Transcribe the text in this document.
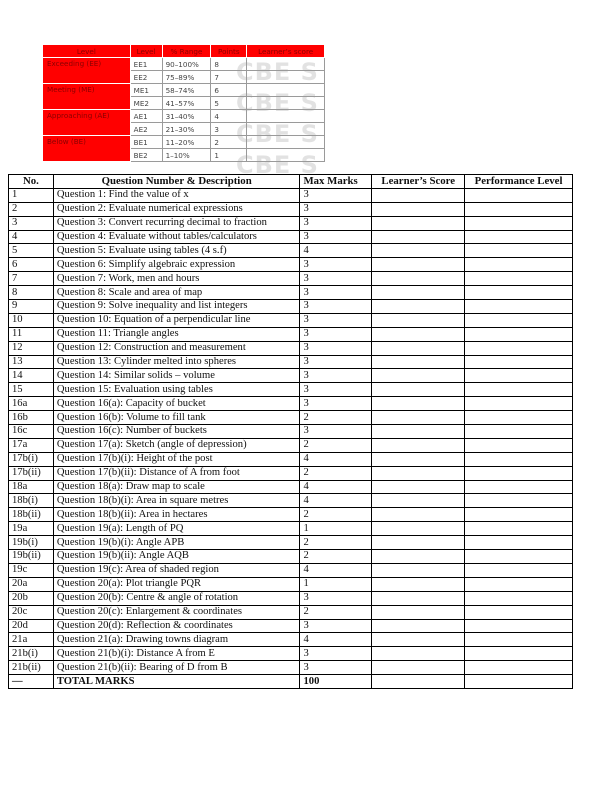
CBE S
CBE S
CBE S
CBE S
Level	Level	% Range	Points	Learner’s score
Exceeding (EE)	EE1	90–100%	8	
	EE2	75–89%	7	
Meeting (ME)	ME1	58–74%	6	
	ME2	41–57%	5	
Approaching (AE)	AE1	31–40%	4	
	AE2	21–30%	3	
Below (BE)	BE1	11–20%	2	
	BE2	1–10%	1	
No.	Question Number & Description	Max Marks	Learner’s Score	Performance Level
1	Question 1: Find the value of x	3		
2	Question 2: Evaluate numerical expressions	3		
3	Question 3: Convert recurring decimal to fraction	3		
4	Question 4: Evaluate without tables/calculators	3		
5	Question 5: Evaluate using tables (4 s.f)	4		
6	Question 6: Simplify algebraic expression	3		
7	Question 7: Work, men and hours	3		
8	Question 8: Scale and area of map	3		
9	Question 9: Solve inequality and list integers	3		
10	Question 10: Equation of a perpendicular line	3		
11	Question 11: Triangle angles	3		
12	Question 12: Construction and measurement	3		
13	Question 13: Cylinder melted into spheres	3		
14	Question 14: Similar solids – volume	3		
15	Question 15: Evaluation using tables	3		
16a	Question 16(a): Capacity of bucket	3		
16b	Question 16(b): Volume to fill tank	2		
16c	Question 16(c): Number of buckets	3		
17a	Question 17(a): Sketch (angle of depression)	2		
17b(i)	Question 17(b)(i): Height of the post	4		
17b(ii)	Question 17(b)(ii): Distance of A from foot	2		
18a	Question 18(a): Draw map to scale	4		
18b(i)	Question 18(b)(i): Area in square metres	4		
18b(ii)	Question 18(b)(ii): Area in hectares	2		
19a	Question 19(a): Length of PQ	1		
19b(i)	Question 19(b)(i): Angle APB	2		
19b(ii)	Question 19(b)(ii): Angle AQB	2		
19c	Question 19(c): Area of shaded region	4		
20a	Question 20(a): Plot triangle PQR	1		
20b	Question 20(b): Centre & angle of rotation	3		
20c	Question 20(c): Enlargement & coordinates	2		
20d	Question 20(d): Reflection & coordinates	3		
21a	Question 21(a): Drawing towns diagram	4		
21b(i)	Question 21(b)(i): Distance A from E	3		
21b(ii)	Question 21(b)(ii): Bearing of D from B	3		
—	TOTAL MARKS	100		
